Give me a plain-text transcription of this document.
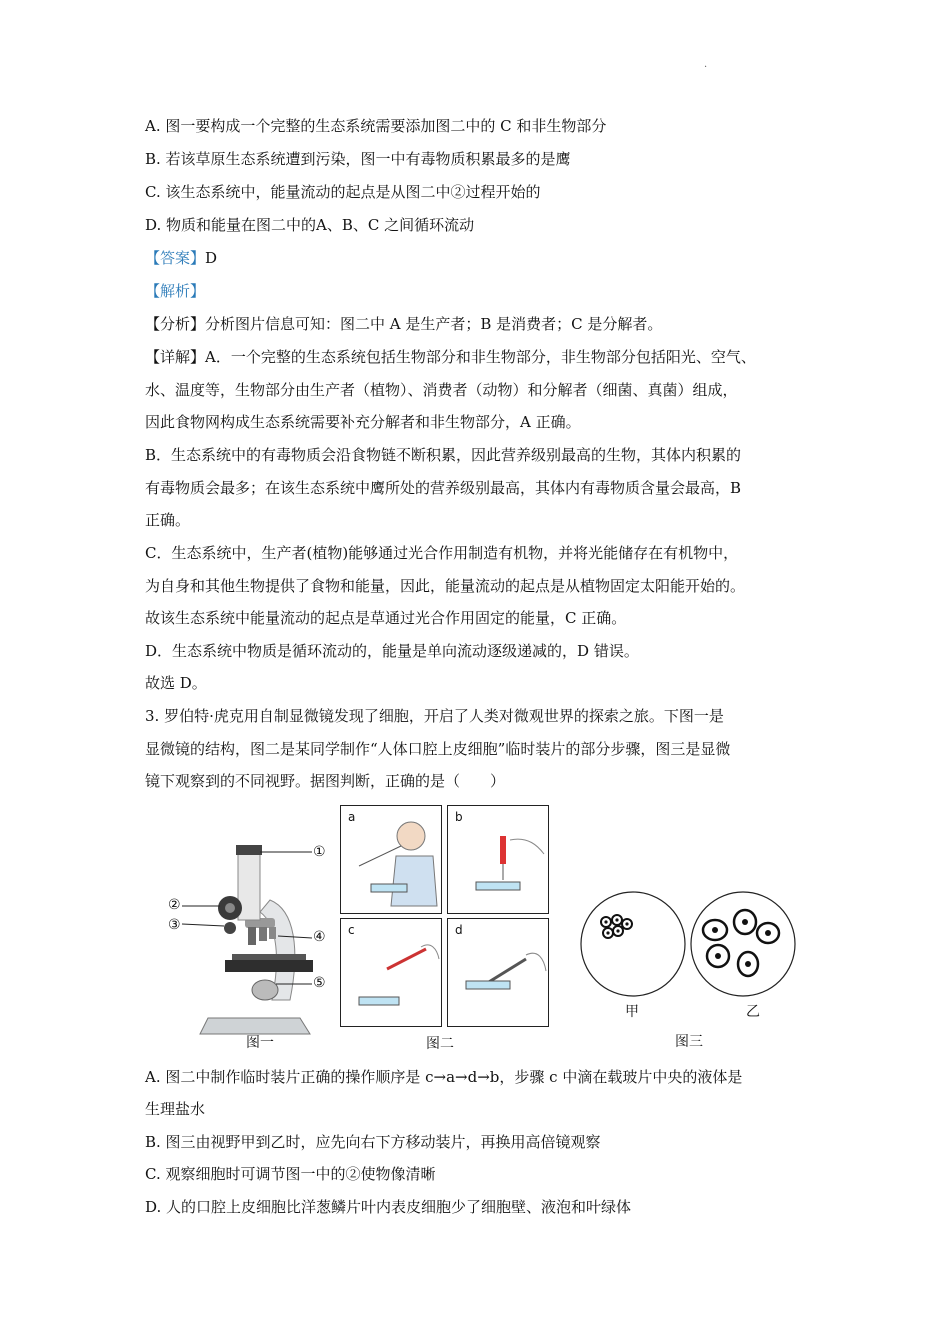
·
A. 图一要构成一个完整的生态系统需要添加图二中的 C 和非生物部分
B. 若该草原生态系统遭到污染，图一中有毒物质积累最多的是鹰
C. 该生态系统中，能量流动的起点是从图二中②过程开始的
D. 物质和能量在图二中的A、B、C 之间循环流动
【答案】D
【解析】
【分析】分析图片信息可知：图二中 A 是生产者；B 是消费者；C 是分解者。
【详解】A．一个完整的生态系统包括生物部分和非生物部分，非生物部分包括阳光、空气、
水、温度等，生物部分由生产者（植物）、消费者（动物）和分解者（细菌、真菌）组成，
因此食物网构成生态系统需要补充分解者和非生物部分，A 正确。
B．生态系统中的有毒物质会沿食物链不断积累，因此营养级别最高的生物，其体内积累的
有毒物质会最多；在该生态系统中鹰所处的营养级别最高，其体内有毒物质含量会最高，B
正确。
C．生态系统中，生产者(植物)能够通过光合作用制造有机物，并将光能储存在有机物中，
为自身和其他生物提供了食物和能量，因此，能量流动的起点是从植物固定太阳能开始的。
故该生态系统中能量流动的起点是草通过光合作用固定的能量，C 正确。
D．生态系统中物质是循环流动的，能量是单向流动逐级递减的，D 错误。
故选 D。
3. 罗伯特·虎克用自制显微镜发现了细胞，开启了人类对微观世界的探索之旅。下图一是
显微镜的结构，图二是某同学制作“人体口腔上皮细胞”临时装片的部分步骤，图三是显微
镜下观察到的不同视野。据图判断，正确的是（　　）
①
②
③
④
⑤
图一
a	b
c	d
图二
甲	乙
图三
A. 图二中制作临时装片正确的操作顺序是 c→a→d→b，步骤 c 中滴在载玻片中央的液体是
生理盐水
B. 图三由视野甲到乙时，应先向右下方移动装片，再换用高倍镜观察
C. 观察细胞时可调节图一中的②使物像清晰
D. 人的口腔上皮细胞比洋葱鳞片叶内表皮细胞少了细胞壁、液泡和叶绿体
